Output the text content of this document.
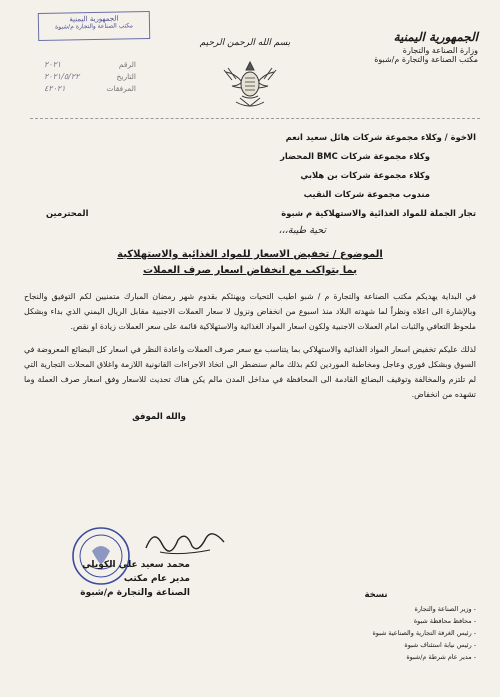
الجمهورية اليمنية
وزارة الصناعة والتجارة
مكتب الصناعة والتجارة م/شبوة
بسم الله الرحمن الرحيم
الجمهورية اليمنية
مكتب الصناعة والتجارة م/شبوة
الرقم
٢٠٢١
التاريخ
٢٠٢١/٥/٢٢
المرفقات
٤٢٠٢١
الاخوة / وكلاء مجموعة شركات هائل سعيد انعم
وكلاء مجموعة شركات BMC المحضار
وكلاء مجموعة شركات بن هلابي
مندوب مجموعة شركات النقيب
تجار الجملة للمواد الغذائية والاستهلاكية م شبوة
المحترمين
تحية طيبة،،،
الموضوع / تخفيض الاسعار للمواد الغذائية والاستهلاكية
بما يتواكب مع انخفاض اسعار صرف العملات
في البداية يهديكم مكتب الصناعة والتجارة م / شبو اطيب التحيات ويهنئكم بقدوم شهر رمضان المبارك متمنيين لكم التوفيق والنجاح وبالإشارة الى اعلاه ونظراً لما شهدته البلاد منذ اسبوع من انخفاض ونزول لا سعار العملات الاجنبية مقابل الريال اليمني الذي بداء وبشكل ملحوظ التعافي والثبات امام العملات الاجنبية ولكون اسعار المواد الغذائية والاستهلاكية قائمة على سعر العملات زيادة او نقص.
لذلك عليكم تخفيض اسعار المواد الغذائية والاستهلاكي بما يتناسب مع سعر صرف العملات واعادة النظر في اسعار كل البضائع المعروضة في السوق وبشكل فوري وعاجل ومخاطبة الموردين لكم بذلك مالم سنضطر الى اتخاذ الاجراءات القانونية اللازمة واغلاق المحلات التجارية التي لم تلتزم والمخالفة وتوقيف البضائع القادمة الى المحافظة في مداخل المدن مالم يكن هناك تحديث للاسعار وفق اسعار صرف العملة وما تشهده من انخفاض.
والله الموفق
محمد سعيد علي الكويلي
مدير عام مكتب
الصناعة والتجارة م/شبوة	نسخة
- وزير الصناعة والتجارة
- محافظ محافظة شبوة
- رئيس الغرفة التجارية والصناعية شبوة
- رئيس نيابة استئناف شبوة
- مدير عام شرطة م/شبوة
